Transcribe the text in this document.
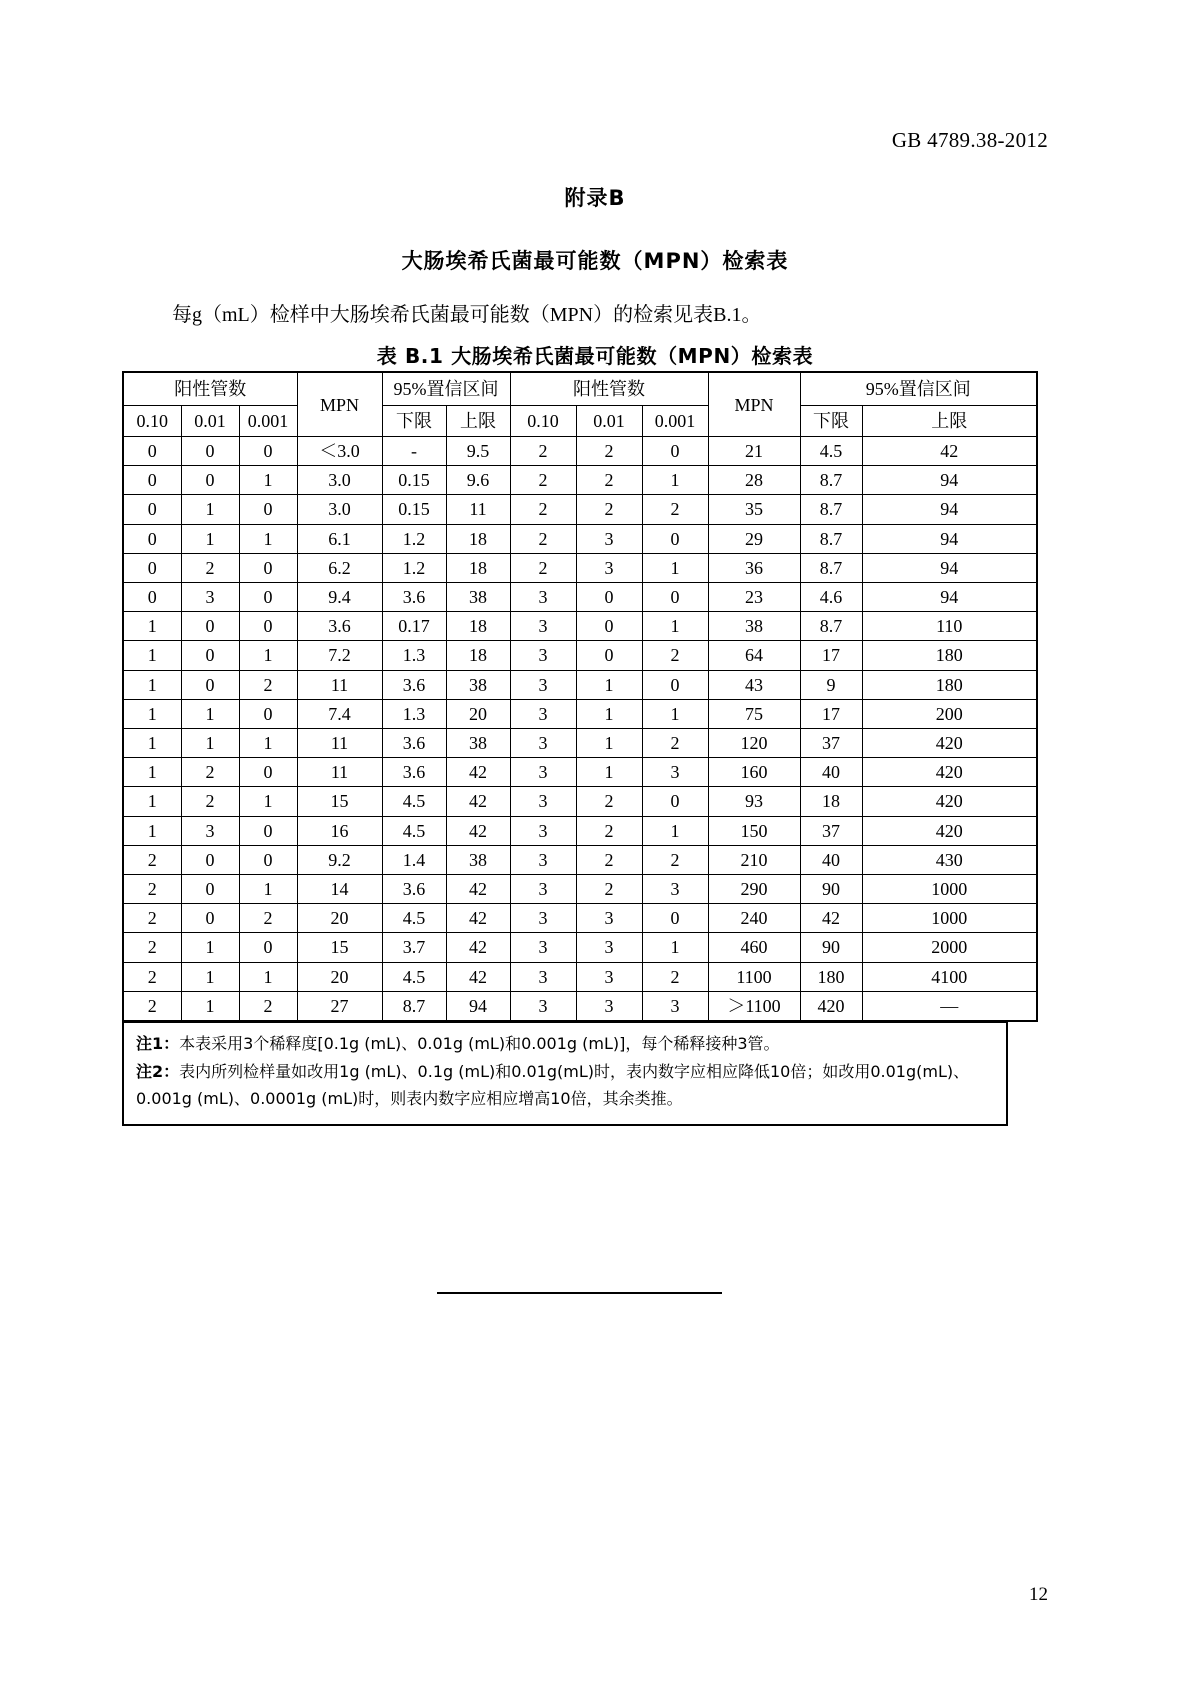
GB 4789.38-2012
附录B
大肠埃希氏菌最可能数（MPN）检索表
每g（mL）检样中大肠埃希氏菌最可能数（MPN）的检索见表B.1。
表 B.1 大肠埃希氏菌最可能数（MPN）检索表
阳性管数			MPN	95%置信区间		阳性管数			MPN	95%置信区间	
0.10	0.01	0.001		下限	上限	0.10	0.01	0.001		下限	上限
0	0	0	＜3.0	-	9.5	2	2	0	21	4.5	42
0	0	1	3.0	0.15	9.6	2	2	1	28	8.7	94
0	1	0	3.0	0.15	11	2	2	2	35	8.7	94
0	1	1	6.1	1.2	18	2	3	0	29	8.7	94
0	2	0	6.2	1.2	18	2	3	1	36	8.7	94
0	3	0	9.4	3.6	38	3	0	0	23	4.6	94
1	0	0	3.6	0.17	18	3	0	1	38	8.7	110
1	0	1	7.2	1.3	18	3	0	2	64	17	180
1	0	2	11	3.6	38	3	1	0	43	9	180
1	1	0	7.4	1.3	20	3	1	1	75	17	200
1	1	1	11	3.6	38	3	1	2	120	37	420
1	2	0	11	3.6	42	3	1	3	160	40	420
1	2	1	15	4.5	42	3	2	0	93	18	420
1	3	0	16	4.5	42	3	2	1	150	37	420
2	0	0	9.2	1.4	38	3	2	2	210	40	430
2	0	1	14	3.6	42	3	2	3	290	90	1000
2	0	2	20	4.5	42	3	3	0	240	42	1000
2	1	0	15	3.7	42	3	3	1	460	90	2000
2	1	1	20	4.5	42	3	3	2	1100	180	4100
2	1	2	27	8.7	94	3	3	3	＞1100	420	—

注1：本表采用3个稀释度[0.1g (mL)、0.01g (mL)和0.001g (mL)]，每个稀释接种3管。

注2：表内所列检样量如改用1g (mL)、0.1g (mL)和0.01g(mL)时，表内数字应相应降低10倍；如改用0.01g(mL)、0.001g (mL)、0.0001g (mL)时，则表内数字应相应增高10倍，其余类推。

12
